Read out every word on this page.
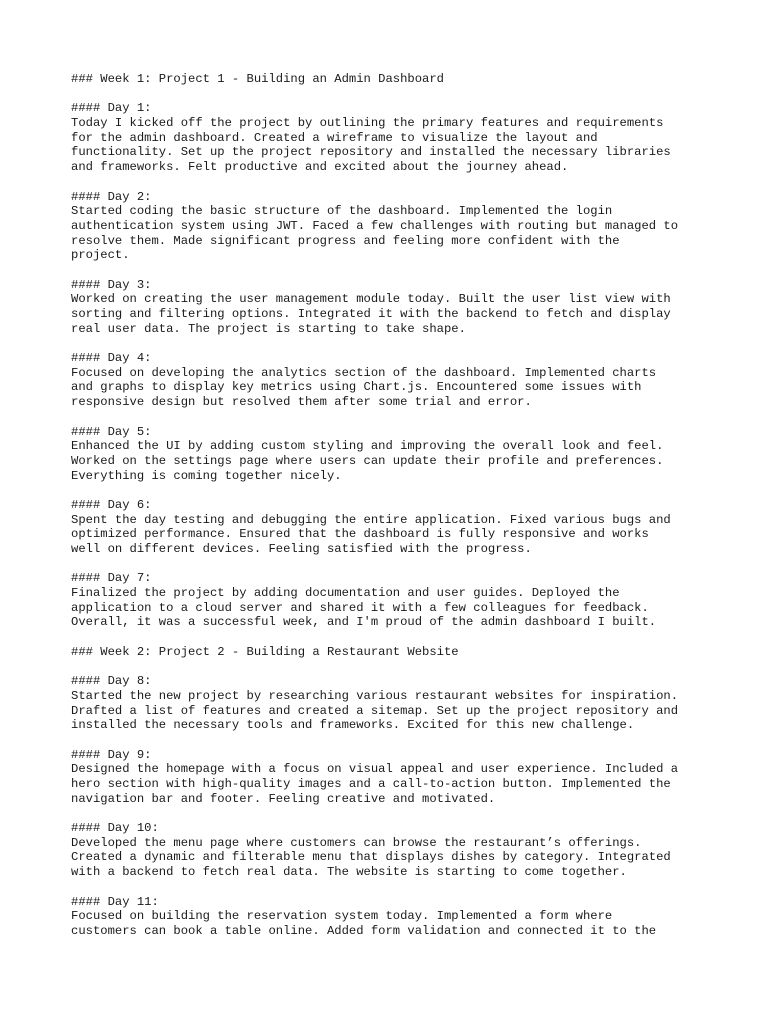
### Week 1: Project 1 - Building an Admin Dashboard
#### Day 1:
Today I kicked off the project by outlining the primary features and requirements
for the admin dashboard. Created a wireframe to visualize the layout and
functionality. Set up the project repository and installed the necessary libraries
and frameworks. Felt productive and excited about the journey ahead.
#### Day 2:
Started coding the basic structure of the dashboard. Implemented the login
authentication system using JWT. Faced a few challenges with routing but managed to
resolve them. Made significant progress and feeling more confident with the
project.
#### Day 3:
Worked on creating the user management module today. Built the user list view with
sorting and filtering options. Integrated it with the backend to fetch and display
real user data. The project is starting to take shape.
#### Day 4:
Focused on developing the analytics section of the dashboard. Implemented charts
and graphs to display key metrics using Chart.js. Encountered some issues with
responsive design but resolved them after some trial and error.
#### Day 5:
Enhanced the UI by adding custom styling and improving the overall look and feel.
Worked on the settings page where users can update their profile and preferences.
Everything is coming together nicely.
#### Day 6:
Spent the day testing and debugging the entire application. Fixed various bugs and
optimized performance. Ensured that the dashboard is fully responsive and works
well on different devices. Feeling satisfied with the progress.
#### Day 7:
Finalized the project by adding documentation and user guides. Deployed the
application to a cloud server and shared it with a few colleagues for feedback.
Overall, it was a successful week, and I'm proud of the admin dashboard I built.
### Week 2: Project 2 - Building a Restaurant Website
#### Day 8:
Started the new project by researching various restaurant websites for inspiration.
Drafted a list of features and created a sitemap. Set up the project repository and
installed the necessary tools and frameworks. Excited for this new challenge.
#### Day 9:
Designed the homepage with a focus on visual appeal and user experience. Included a
hero section with high-quality images and a call-to-action button. Implemented the
navigation bar and footer. Feeling creative and motivated.
#### Day 10:
Developed the menu page where customers can browse the restaurant’s offerings.
Created a dynamic and filterable menu that displays dishes by category. Integrated
with a backend to fetch real data. The website is starting to come together.
#### Day 11:
Focused on building the reservation system today. Implemented a form where
customers can book a table online. Added form validation and connected it to the
